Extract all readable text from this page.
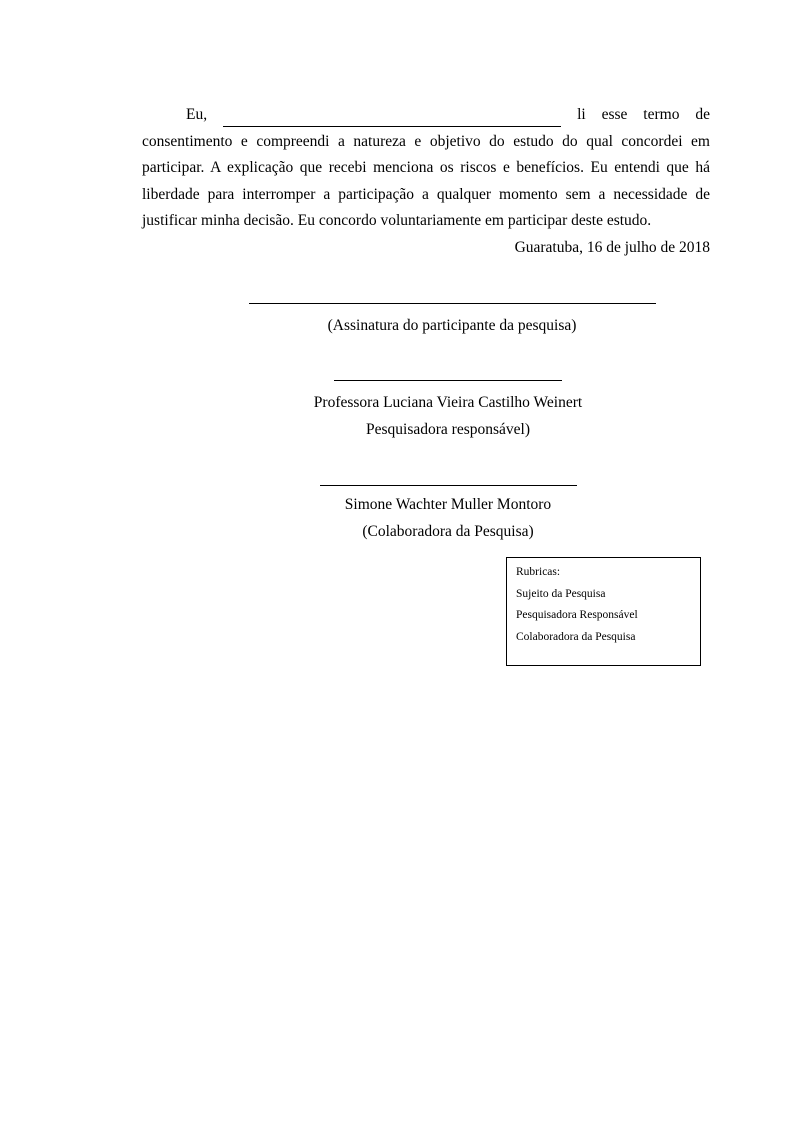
Eu,	li esse termo de

consentimento e compreendi a natureza e objetivo do estudo do qual concordei em participar. A explicação que recebi menciona os riscos e benefícios. Eu entendi que há liberdade para interromper a participação a qualquer momento sem a necessidade de justificar minha decisão. Eu concordo voluntariamente em participar deste estudo.

Guaratuba, 16 de julho de 2018
(Assinatura do participante da pesquisa)
Professora Luciana Vieira Castilho Weinert
Pesquisadora responsável)
Simone Wachter Muller Montoro
(Colaboradora da Pesquisa)
Rubricas:
Sujeito da Pesquisa
Pesquisadora Responsável
Colaboradora da Pesquisa
